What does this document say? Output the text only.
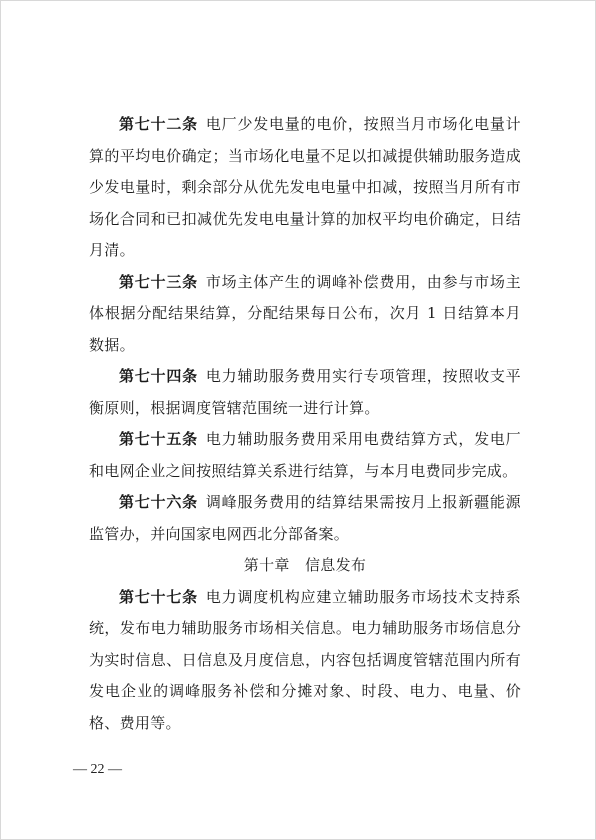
第七十二条 电厂少发电量的电价，按照当月市场化电量计算的平均电价确定；当市场化电量不足以扣减提供辅助服务造成少发电量时，剩余部分从优先发电电量中扣减，按照当月所有市场化合同和已扣减优先发电电量计算的加权平均电价确定，日结月清。

第七十三条 市场主体产生的调峰补偿费用，由参与市场主体根据分配结果结算，分配结果每日公布，次月 1 日结算本月数据。

第七十四条 电力辅助服务费用实行专项管理，按照收支平衡原则，根据调度管辖范围统一进行计算。

第七十五条 电力辅助服务费用采用电费结算方式，发电厂和电网企业之间按照结算关系进行结算，与本月电费同步完成。

第七十六条 调峰服务费用的结算结果需按月上报新疆能源监管办，并向国家电网西北分部备案。

第十章　信息发布

第七十七条 电力调度机构应建立辅助服务市场技术支持系统，发布电力辅助服务市场相关信息。电力辅助服务市场信息分为实时信息、日信息及月度信息，内容包括调度管辖范围内所有发电企业的调峰服务补偿和分摊对象、时段、电力、电量、价格、费用等。

— 22 —
